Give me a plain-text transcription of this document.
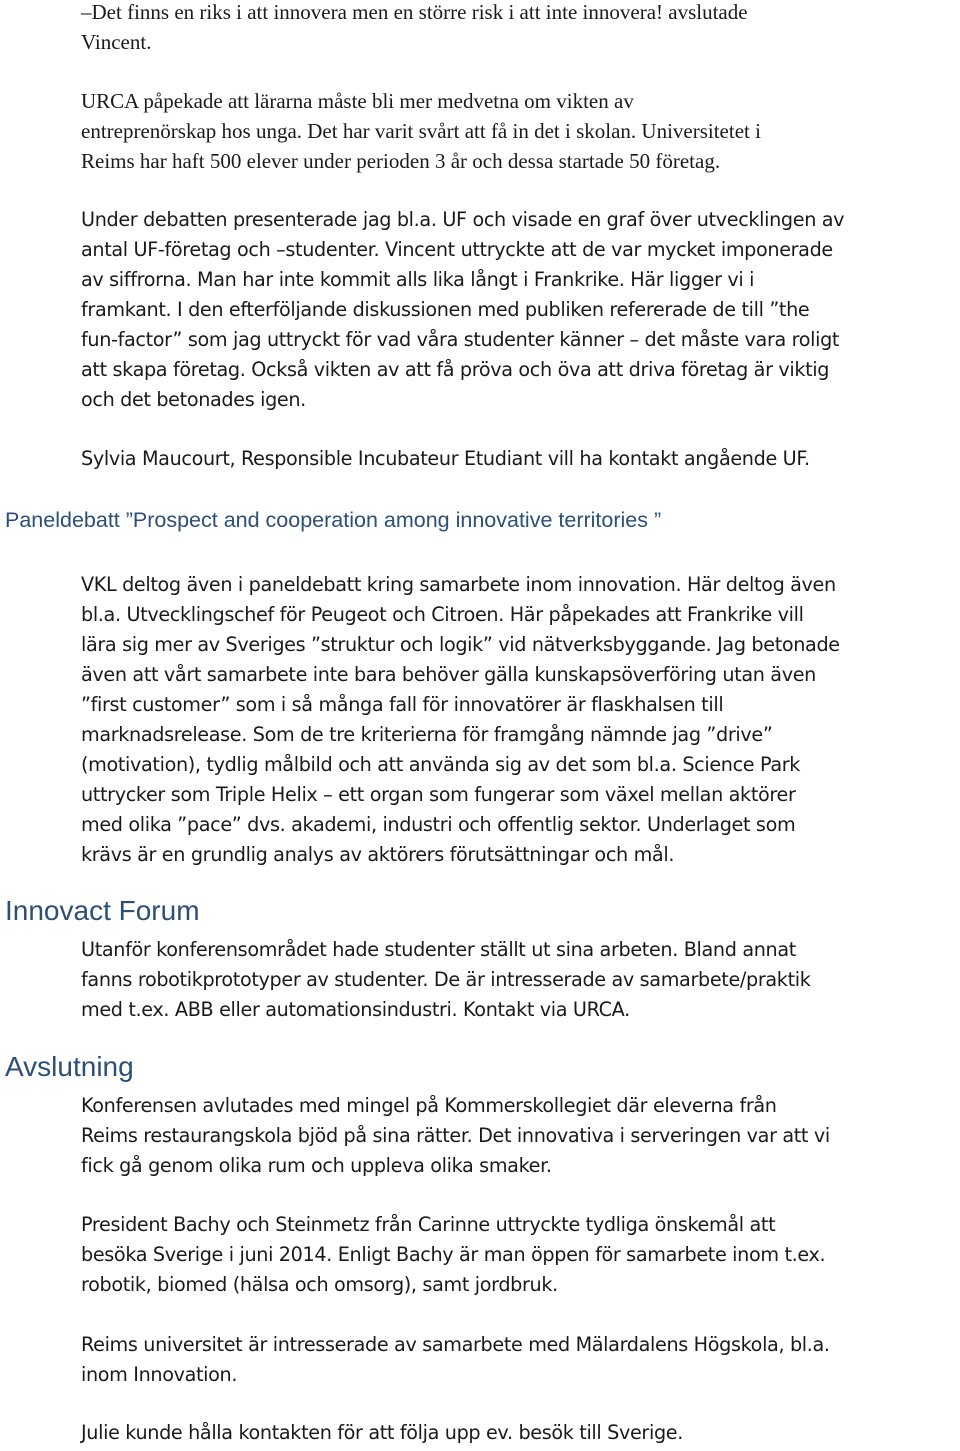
–Det finns en riks i att innovera men en större risk i att inte innovera! avslutade
Vincent.
URCA påpekade att lärarna måste bli mer medvetna om vikten av
entreprenörskap hos unga. Det har varit svårt att få in det i skolan. Universitetet i
Reims har haft 500 elever under perioden 3 år och dessa startade 50 företag.
Under debatten presenterade jag bl.a. UF och visade en graf över utvecklingen av
antal UF-företag och –studenter. Vincent uttryckte att de var mycket imponerade
av siffrorna. Man har inte kommit alls lika långt i Frankrike. Här ligger vi i
framkant. I den efterföljande diskussionen med publiken refererade de till ”the
fun-factor” som jag uttryckt för vad våra studenter känner – det måste vara roligt
att skapa företag. Också vikten av att få pröva och öva att driva företag är viktig
och det betonades igen.
Sylvia Maucourt, Responsible Incubateur Etudiant vill ha kontakt angående UF.
Paneldebatt ”Prospect and cooperation among innovative territories ”
VKL deltog även i paneldebatt kring samarbete inom innovation. Här deltog även
bl.a. Utvecklingschef för Peugeot och Citroen. Här påpekades att Frankrike vill
lära sig mer av Sveriges ”struktur och logik” vid nätverksbyggande. Jag betonade
även att vårt samarbete inte bara behöver gälla kunskapsöverföring utan även
”first customer” som i så många fall för innovatörer är flaskhalsen till
marknadsrelease. Som de tre kriterierna för framgång nämnde jag ”drive”
(motivation), tydlig målbild och att använda sig av det som bl.a. Science Park
uttrycker som Triple Helix – ett organ som fungerar som växel mellan aktörer
med olika ”pace” dvs. akademi, industri och offentlig sektor. Underlaget som
krävs är en grundlig analys av aktörers förutsättningar och mål.
Innovact Forum
Utanför konferensområdet hade studenter ställt ut sina arbeten. Bland annat
fanns robotikprototyper av studenter. De är intresserade av samarbete/praktik
med t.ex. ABB eller automationsindustri. Kontakt via URCA.
Avslutning
Konferensen avlutades med mingel på Kommerskollegiet där eleverna från
Reims restaurangskola bjöd på sina rätter. Det innovativa i serveringen var att vi
fick gå genom olika rum och uppleva olika smaker.
President Bachy och Steinmetz från Carinne uttryckte tydliga önskemål att
besöka Sverige i juni 2014. Enligt Bachy är man öppen för samarbete inom t.ex.
robotik, biomed (hälsa och omsorg), samt jordbruk.
Reims universitet är intresserade av samarbete med Mälardalens Högskola, bl.a.
inom Innovation.
Julie kunde hålla kontakten för att följa upp ev. besök till Sverige.
